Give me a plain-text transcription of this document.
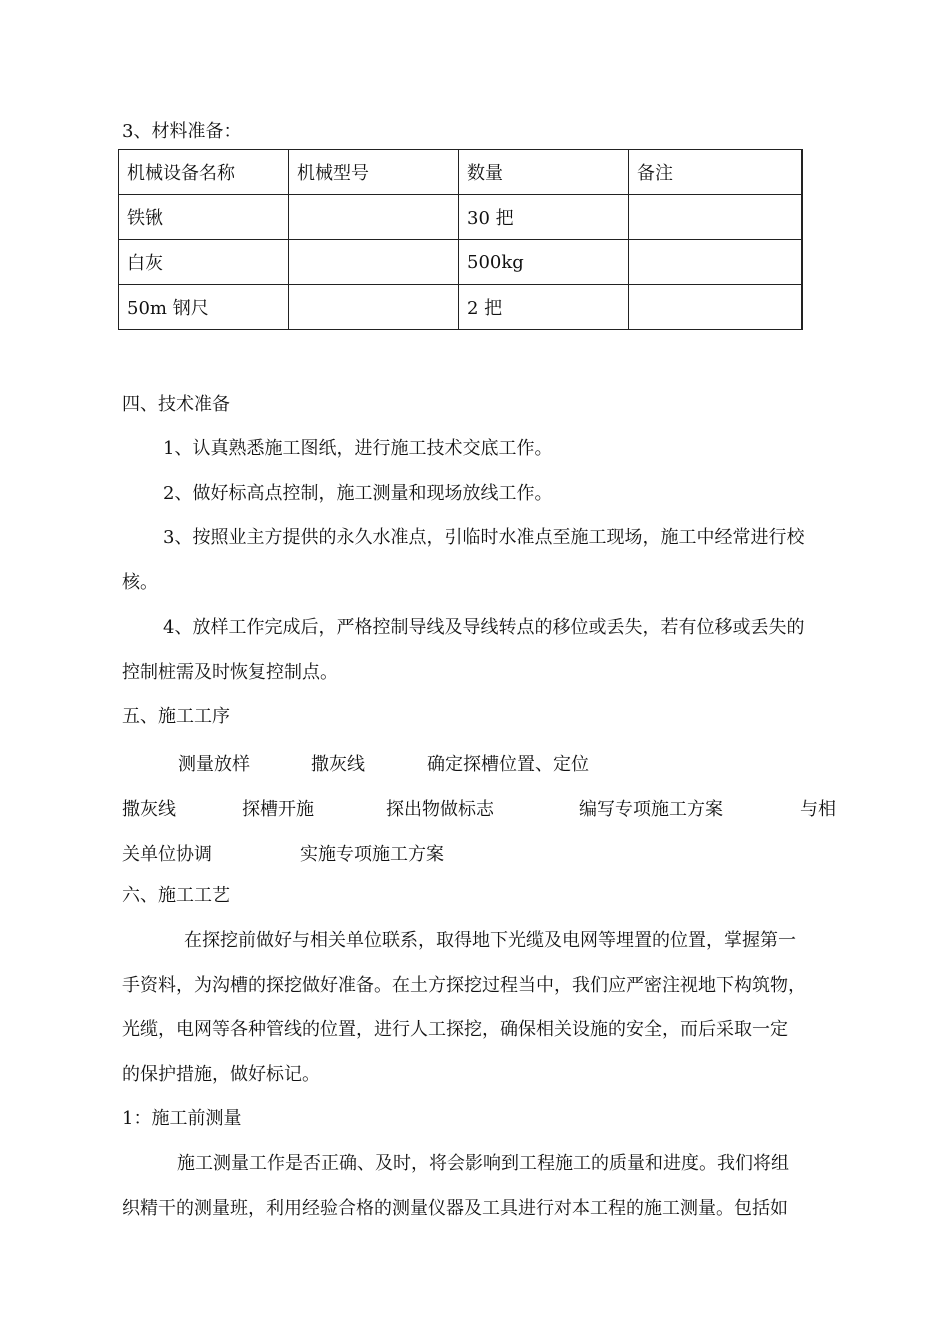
3、材料准备：
机械设备名称	机械型号	数量	备注
铁锹		30 把	
白灰		500kg	
50m 钢尺		2 把	
四、技术准备
1、认真熟悉施工图纸，进行施工技术交底工作。
2、做好标高点控制，施工测量和现场放线工作。
3、按照业主方提供的永久水准点，引临时水准点至施工现场，施工中经常进行校
核。
4、放样工作完成后，严格控制导线及导线转点的移位或丢失，若有位移或丢失的
控制桩需及时恢复控制点。
五、施工工序
测量放样	撒灰线	确定探槽位置、定位
撒灰线	探槽开施	探出物做标志	编写专项施工方案	与相
关单位协调	实施专项施工方案
六、施工工艺
在探挖前做好与相关单位联系，取得地下光缆及电网等埋置的位置，掌握第一
手资料，为沟槽的探挖做好准备。在土方探挖过程当中，我们应严密注视地下构筑物，
光缆，电网等各种管线的位置，进行人工探挖，确保相关设施的安全，而后采取一定
的保护措施，做好标记。
1：施工前测量
施工测量工作是否正确、及时，将会影响到工程施工的质量和进度。我们将组
织精干的测量班，利用经验合格的测量仪器及工具进行对本工程的施工测量。包括如
